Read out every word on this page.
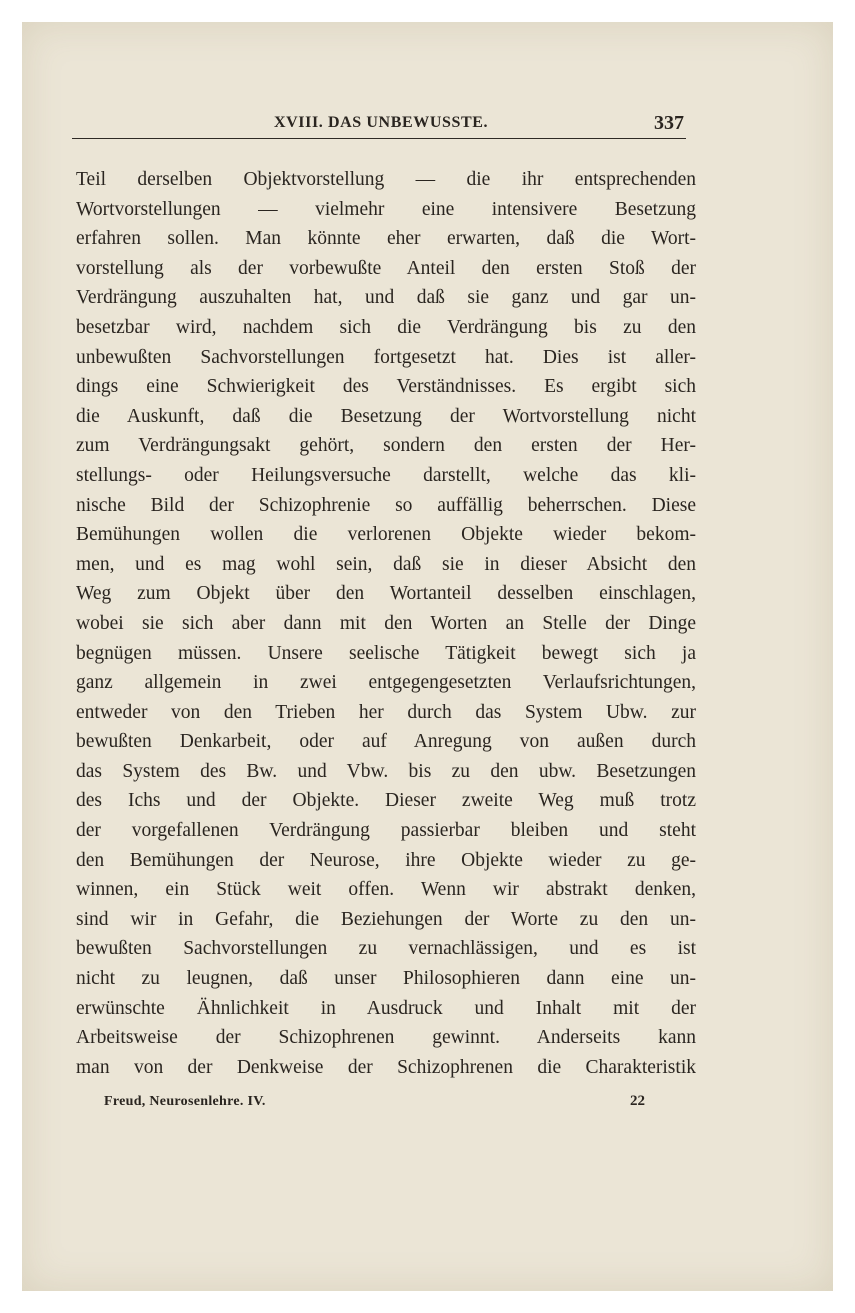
XVIII. DAS UNBEWUSSTE.	337
Teil derselben Objektvorstellung — die ihr entsprechenden
Wortvorstellungen — vielmehr eine intensivere Besetzung
erfahren sollen. Man könnte eher erwarten, daß die Wort-
vorstellung als der vorbewußte Anteil den ersten Stoß der
Verdrängung auszuhalten hat, und daß sie ganz und gar un-
besetzbar wird, nachdem sich die Verdrängung bis zu den
unbewußten Sachvorstellungen fortgesetzt hat. Dies ist aller-
dings eine Schwierigkeit des Verständnisses. Es ergibt sich
die Auskunft, daß die Besetzung der Wortvorstellung nicht
zum Verdrängungsakt gehört, sondern den ersten der Her-
stellungs- oder Heilungsversuche darstellt, welche das kli-
nische Bild der Schizophrenie so auffällig beherrschen. Diese
Bemühungen wollen die verlorenen Objekte wieder bekom-
men, und es mag wohl sein, daß sie in dieser Absicht den
Weg zum Objekt über den Wortanteil desselben einschlagen,
wobei sie sich aber dann mit den Worten an Stelle der Dinge
begnügen müssen. Unsere seelische Tätigkeit bewegt sich ja
ganz allgemein in zwei entgegengesetzten Verlaufsrichtungen,
entweder von den Trieben her durch das System Ubw. zur
bewußten Denkarbeit, oder auf Anregung von außen durch
das System des Bw. und Vbw. bis zu den ubw. Besetzungen
des Ichs und der Objekte. Dieser zweite Weg muß trotz
der vorgefallenen Verdrängung passierbar bleiben und steht
den Bemühungen der Neurose, ihre Objekte wieder zu ge-
winnen, ein Stück weit offen. Wenn wir abstrakt denken,
sind wir in Gefahr, die Beziehungen der Worte zu den un-
bewußten Sachvorstellungen zu vernachlässigen, und es ist
nicht zu leugnen, daß unser Philosophieren dann eine un-
erwünschte Ähnlichkeit in Ausdruck und Inhalt mit der
Arbeitsweise der Schizophrenen gewinnt. Anderseits kann
man von der Denkweise der Schizophrenen die Charakteristik
Freud, Neurosenlehre. IV.	22
